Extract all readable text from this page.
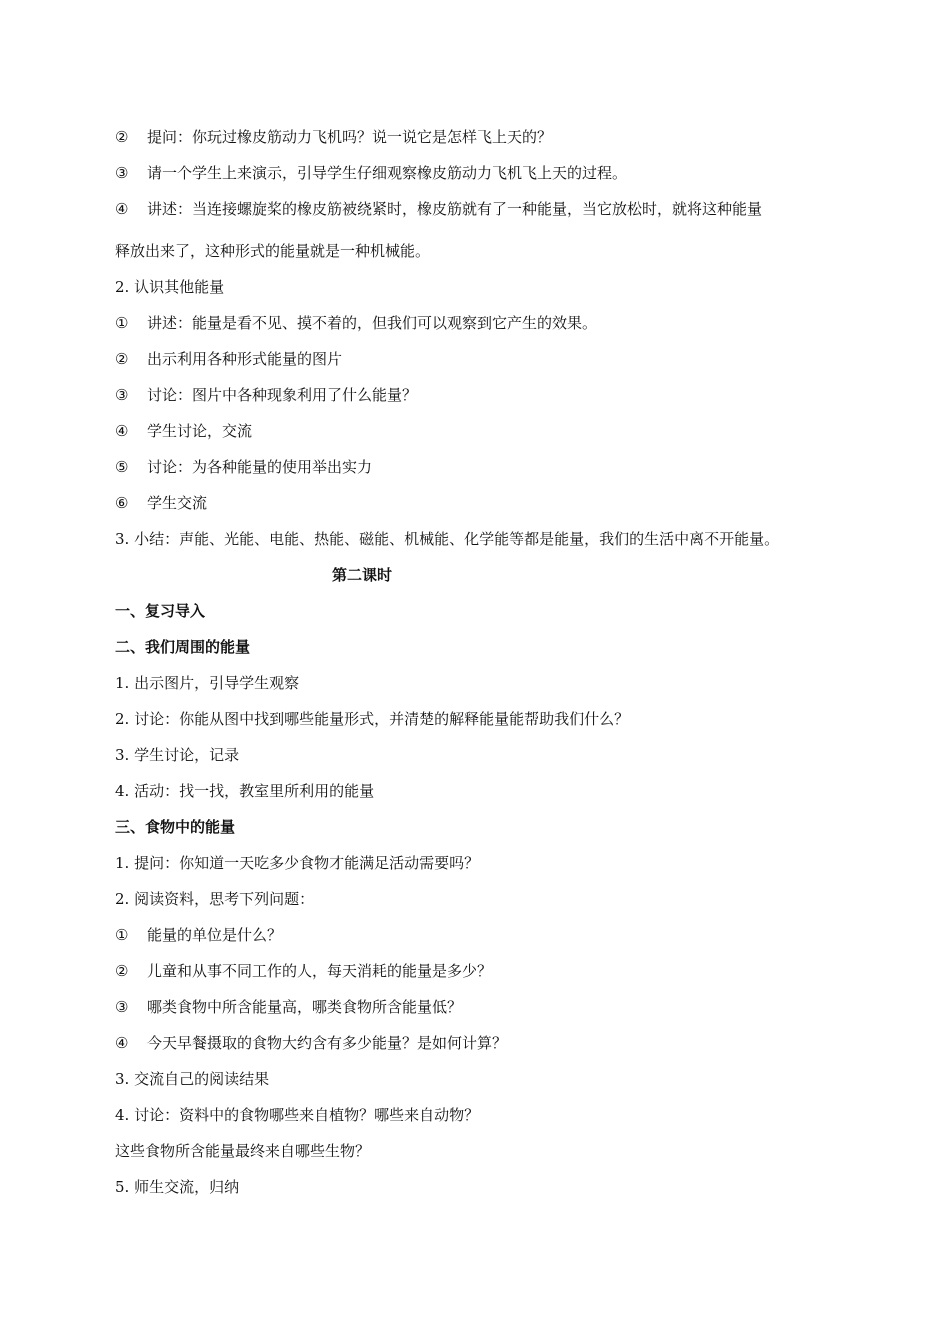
② 提问：你玩过橡皮筋动力飞机吗？说一说它是怎样飞上天的？
③ 请一个学生上来演示，引导学生仔细观察橡皮筋动力飞机飞上天的过程。
④ 讲述：当连接螺旋桨的橡皮筋被绕紧时，橡皮筋就有了一种能量，当它放松时，就将这种能量
释放出来了，这种形式的能量就是一种机械能。
2. 认识其他能量
① 讲述：能量是看不见、摸不着的，但我们可以观察到它产生的效果。
② 出示利用各种形式能量的图片
③ 讨论：图片中各种现象利用了什么能量？
④ 学生讨论，交流
⑤ 讨论：为各种能量的使用举出实力
⑥ 学生交流
3. 小结：声能、光能、电能、热能、磁能、机械能、化学能等都是能量，我们的生活中离不开能量。
第二课时
一、复习导入
二、我们周围的能量
1. 出示图片，引导学生观察
2. 讨论：你能从图中找到哪些能量形式，并清楚的解释能量能帮助我们什么？
3. 学生讨论，记录
4. 活动：找一找，教室里所利用的能量
三、食物中的能量
1. 提问：你知道一天吃多少食物才能满足活动需要吗？
2. 阅读资料，思考下列问题：
① 能量的单位是什么？
② 儿童和从事不同工作的人，每天消耗的能量是多少？
③ 哪类食物中所含能量高，哪类食物所含能量低？
④ 今天早餐摄取的食物大约含有多少能量？是如何计算？
3. 交流自己的阅读结果
4. 讨论：资料中的食物哪些来自植物？哪些来自动物？
这些食物所含能量最终来自哪些生物？
5. 师生交流，归纳
